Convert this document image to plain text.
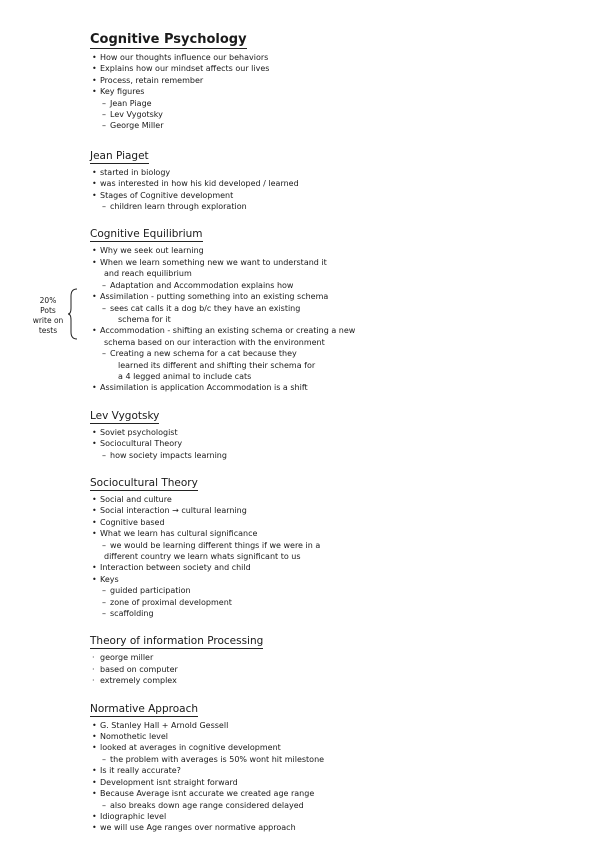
20%
Pots
write on
tests
Cognitive Psychology
• How our thoughts influence our behaviors
• Explains how our mindset affects our lives
• Process, retain remember
• Key figures
– Jean Piage
– Lev Vygotsky
– George Miller
Jean Piaget
• started in biology
• was interested in how his kid developed / learned
• Stages of Cognitive development
– children learn through exploration
Cognitive Equilibrium
• Why we seek out learning
• When we learn something new we want to understand it
and reach equilibrium
– Adaptation and Accommodation explains how
• Assimilation - putting something into an existing schema
– sees cat calls it a dog b/c they have an existing
schema for it
• Accommodation - shifting an existing schema or creating a new
schema based on our interaction with the environment
– Creating a new schema for a cat because they
learned its different and shifting their schema for
a 4 legged animal to include cats
• Assimilation is application Accommodation is a shift
Lev Vygotsky
• Soviet psychologist
• Sociocultural Theory
– how society impacts learning
Sociocultural Theory
• Social and culture
• Social interaction → cultural learning
• Cognitive based
• What we learn has cultural significance
– we would be learning different things if we were in a
different country we learn whats significant to us
• Interaction between society and child
• Keys
– guided participation
– zone of proximal development
– scaffolding
Theory of information Processing
· george miller
· based on computer
· extremely complex
Normative Approach
• G. Stanley Hall + Arnold Gessell
• Nomothetic level
• looked at averages in cognitive development
– the problem with averages is 50% wont hit milestone
• Is it really accurate?
• Development isnt straight forward
• Because Average isnt accurate we created age range
– also breaks down age range considered delayed
• Idiographic level
• we will use Age ranges over normative approach
